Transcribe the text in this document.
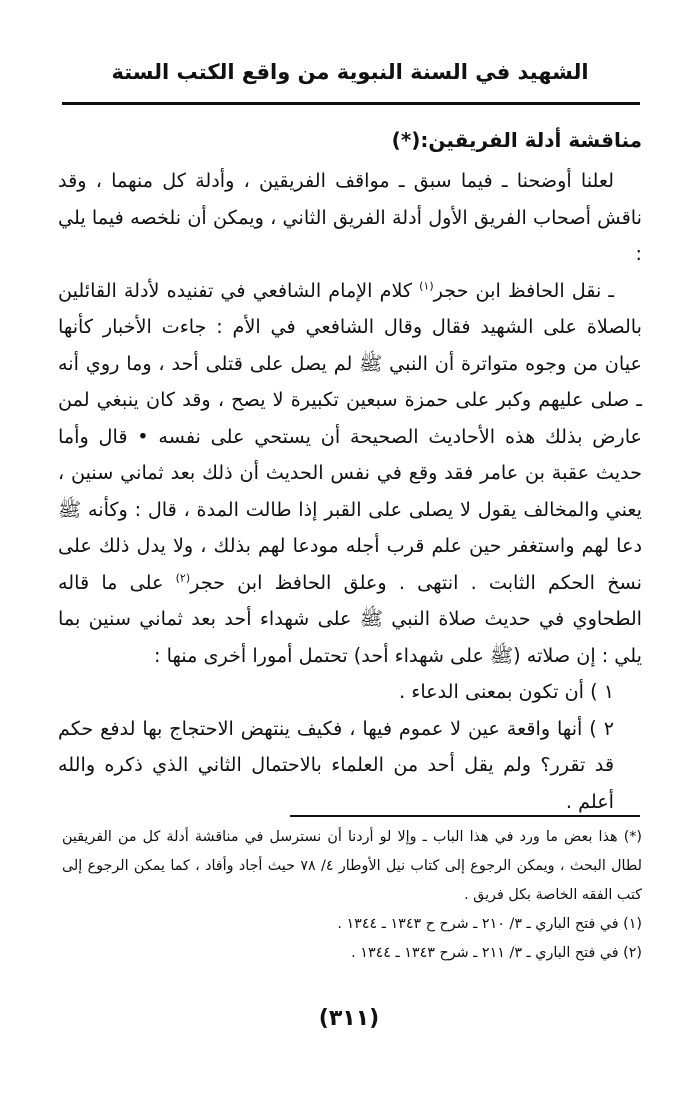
الشهيد في السنة النبوية من واقع الكتب الستة

مناقشة أدلة الفريقين:(*)

لعلنا أوضحنا ـ فيما سبق ـ مواقف الفريقين ، وأدلة كل منهما ، وقد ناقش أصحاب الفريق الأول أدلة الفريق الثاني ، ويمكن أن نلخصه فيما يلي :

ـ نقل الحافظ ابن حجر$^{(١)}$ كلام الإمام الشافعي في تفنيده لأدلة القائلين بالصلاة على الشهيد فقال وقال الشافعي في الأم : جاءت الأخبار كأنها عيان من وجوه متواترة أن النبي ﷺ لم يصل على قتلى أحد ، وما روي أنه ـ صلى عليهم وكبر على حمزة سبعين تكبيرة لا يصح ، وقد كان ينبغي لمن عارض بذلك هذه الأحاديث الصحيحة أن يستحي على نفسه • قال وأما حديث عقبة بن عامر فقد وقع في نفس الحديث أن ذلك بعد ثماني سنين ، يعني والمخالف يقول لا يصلى على القبر إذا طالت المدة ، قال : وكأنه ﷺ دعا لهم واستغفر حين علم قرب أجله مودعا لهم بذلك ، ولا يدل ذلك على نسخ الحكم الثابت . انتهى . وعلق الحافظ ابن حجر$^{(٢)}$ على ما قاله الطحاوي في حديث صلاة النبي ﷺ على شهداء أحد بعد ثماني سنين بما يلي : إن صلاته (ﷺ على شهداء أحد) تحتمل أمورا أخرى منها :

١ ) أن تكون بمعنى الدعاء .

٢ ) أنها واقعة عين لا عموم فيها ، فكيف ينتهض الاحتجاج بها لدفع حكم قد تقرر؟ ولم يقل أحد من العلماء بالاحتمال الثاني الذي ذكره والله أعلم .

(*) هذا بعض ما ورد في هذا الباب ـ وإلا لو أردنا أن نسترسل في مناقشة أدلة كل من الفريقين لطال البحث ، ويمكن الرجوع إلى كتاب نيل الأوطار ٤/ ٧٨ حيث أجاد وأفاد ، كما يمكن الرجوع إلى كتب الفقه الخاصة بكل فريق .

(١) في فتح الباري ـ ٣/ ٢١٠ ـ شرح ح ١٣٤٣ ـ ١٣٤٤ .

(٢) في فتح الباري ـ ٣/ ٢١١ ـ شرح ١٣٤٣ ـ ١٣٤٤ .

(٣١١)
